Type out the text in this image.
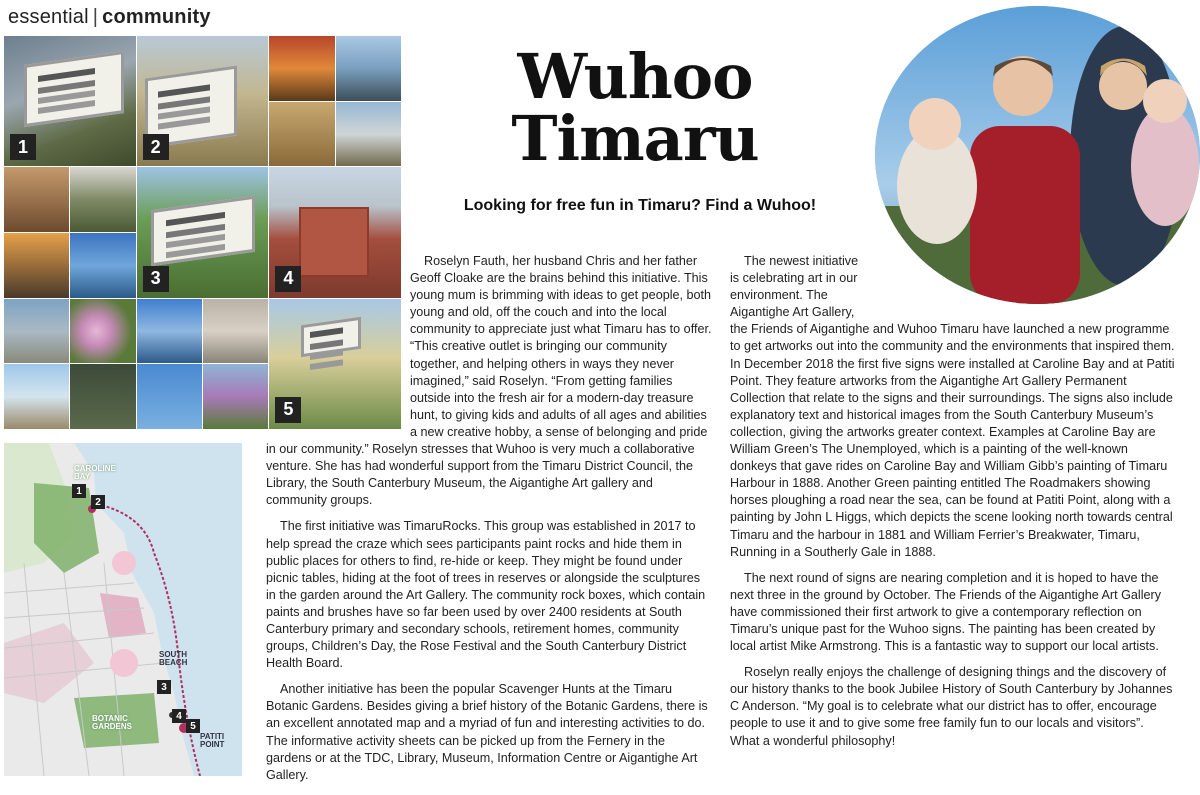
essential | community
1	2
3	4
5
1
2
3
4
5
CAROLINE BAY
SOUTH BEACH
BOTANIC GARDENS
PATITI POINT
Wuhoo
Timaru
Looking for free fun in Timaru? Find a Wuhoo!

Roselyn Fauth, her husband Chris and her father Geoff Cloake are the brains behind this initiative. This young mum is brimming with ideas to get people, both young and old, off the couch and into the local community to appreciate just what Timaru has to offer. “This creative outlet is bringing our community together, and helping others in ways they never imagined,” said Roselyn. “From getting families outside into the fresh air for a modern-day treasure hunt, to giving kids and adults of all ages and abilities a new creative hobby, a sense of belonging and pride in our community.” Roselyn stresses that Wuhoo is very much a collaborative venture. She has had wonderful support from the Timaru District Council, the Library, the South Canterbury Museum, the Aigantighe Art gallery and community groups.

The first initiative was TimaruRocks. This group was established in 2017 to help spread the craze which sees participants paint rocks and hide them in public places for others to find, re-hide or keep. They might be found under picnic tables, hiding at the foot of trees in reserves or alongside the sculptures in the garden around the Art Gallery. The community rock boxes, which contain paints and brushes have so far been used by over 2400 residents at South Canterbury primary and secondary schools, retirement homes, community groups, Children’s Day, the Rose Festival and the South Canterbury District Health Board.

Another initiative has been the popular Scavenger Hunts at the Timaru Botanic Gardens. Besides giving a brief history of the Botanic Gardens, there is an excellent annotated map and a myriad of fun and interesting activities to do. The informative activity sheets can be picked up from the Fernery in the gardens or at the TDC, Library, Museum, Information Centre or Aigantighe Art Gallery.

The newest initiative is celebrating art in our environment. The Aigantighe Art Gallery, the Friends of Aigantighe and Wuhoo Timaru have launched a new programme to get artworks out into the community and the environments that inspired them. In December 2018 the first five signs were installed at Caroline Bay and at Patiti Point. They feature artworks from the Aigantighe Art Gallery Permanent Collection that relate to the signs and their surroundings. The signs also include explanatory text and historical images from the South Canterbury Museum’s collection, giving the artworks greater context. Examples at Caroline Bay are William Green’s The Unemployed, which is a painting of the well-known donkeys that gave rides on Caroline Bay and William Gibb’s painting of Timaru Harbour in 1888. Another Green painting entitled The Roadmakers showing horses ploughing a road near the sea, can be found at Patiti Point, along with a painting by John L Higgs, which depicts the scene looking north towards central Timaru and the harbour in 1881 and William Ferrier’s Breakwater, Timaru, Running in a Southerly Gale in 1888.

The next round of signs are nearing completion and it is hoped to have the next three in the ground by October. The Friends of the Aigantighe Art Gallery have commissioned their first artwork to give a contemporary reflection on Timaru’s unique past for the Wuhoo signs. The painting has been created by local artist Mike Armstrong. This is a fantastic way to support our local artists.

Roselyn really enjoys the challenge of designing things and the discovery of our history thanks to the book Jubilee History of South Canterbury by Johannes C Anderson. “My goal is to celebrate what our district has to offer, encourage people to use it and to give some free family fun to our locals and visitors”. What a wonderful philosophy!
